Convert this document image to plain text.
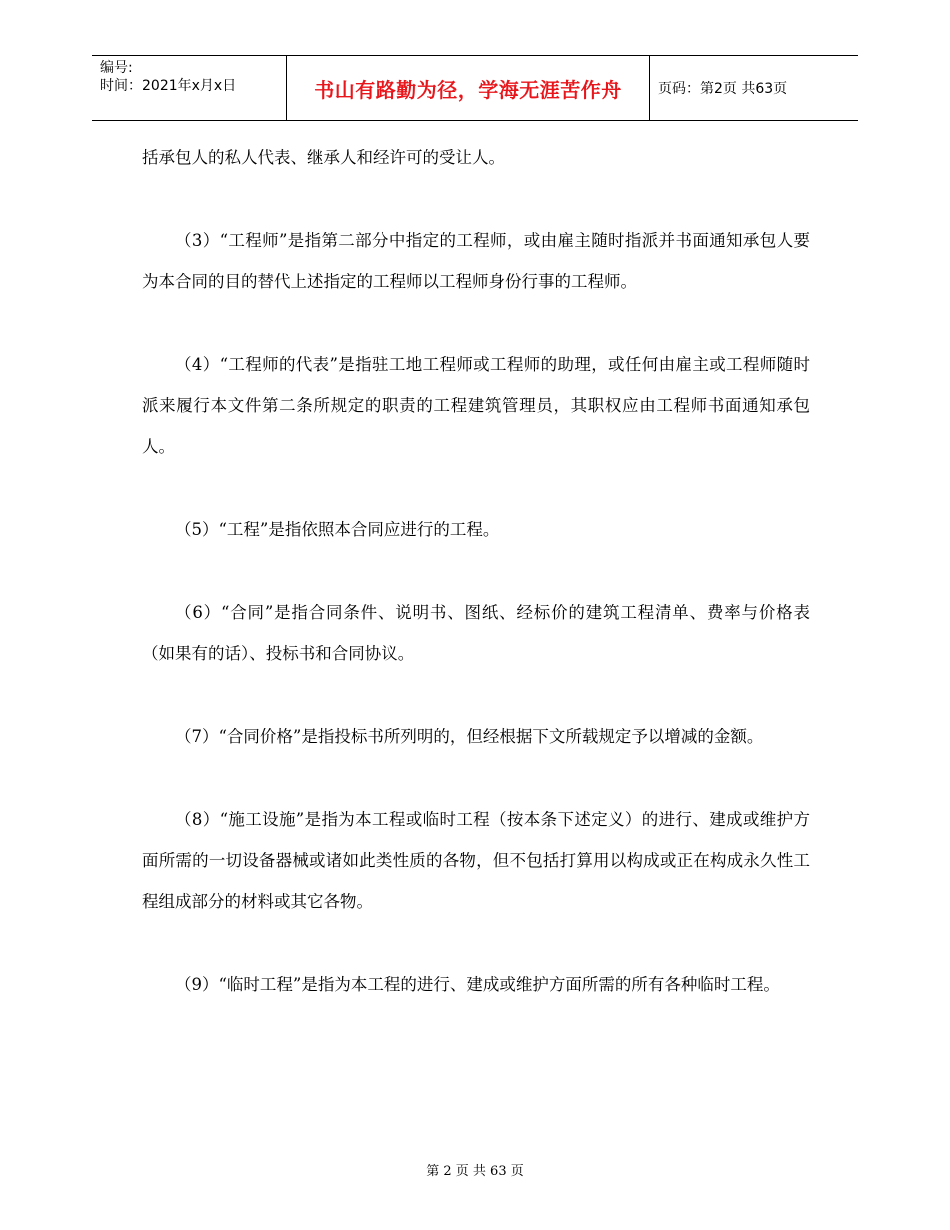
编号:
时间：2021年x月x日	书山有路勤为径，学海无涯苦作舟	页码：第2页 共63页

括承包人的私人代表、继承人和经许可的受让人。

（3）“工程师”是指第二部分中指定的工程师，或由雇主随时指派并书面通知承包人要为本合同的目的替代上述指定的工程师以工程师身份行事的工程师。

（4）“工程师的代表”是指驻工地工程师或工程师的助理，或任何由雇主或工程师随时派来履行本文件第二条所规定的职责的工程建筑管理员，其职权应由工程师书面通知承包人。

（5）“工程”是指依照本合同应进行的工程。

（6）“合同”是指合同条件、说明书、图纸、经标价的建筑工程清单、费率与价格表（如果有的话）、投标书和合同协议。

（7）“合同价格”是指投标书所列明的，但经根据下文所载规定予以增减的金额。

（8）“施工设施”是指为本工程或临时工程（按本条下述定义）的进行、建成或维护方面所需的一切设备器械或诸如此类性质的各物，但不包括打算用以构成或正在构成永久性工程组成部分的材料或其它各物。

（9）“临时工程”是指为本工程的进行、建成或维护方面所需的所有各种临时工程。

第 2 页 共 63 页
